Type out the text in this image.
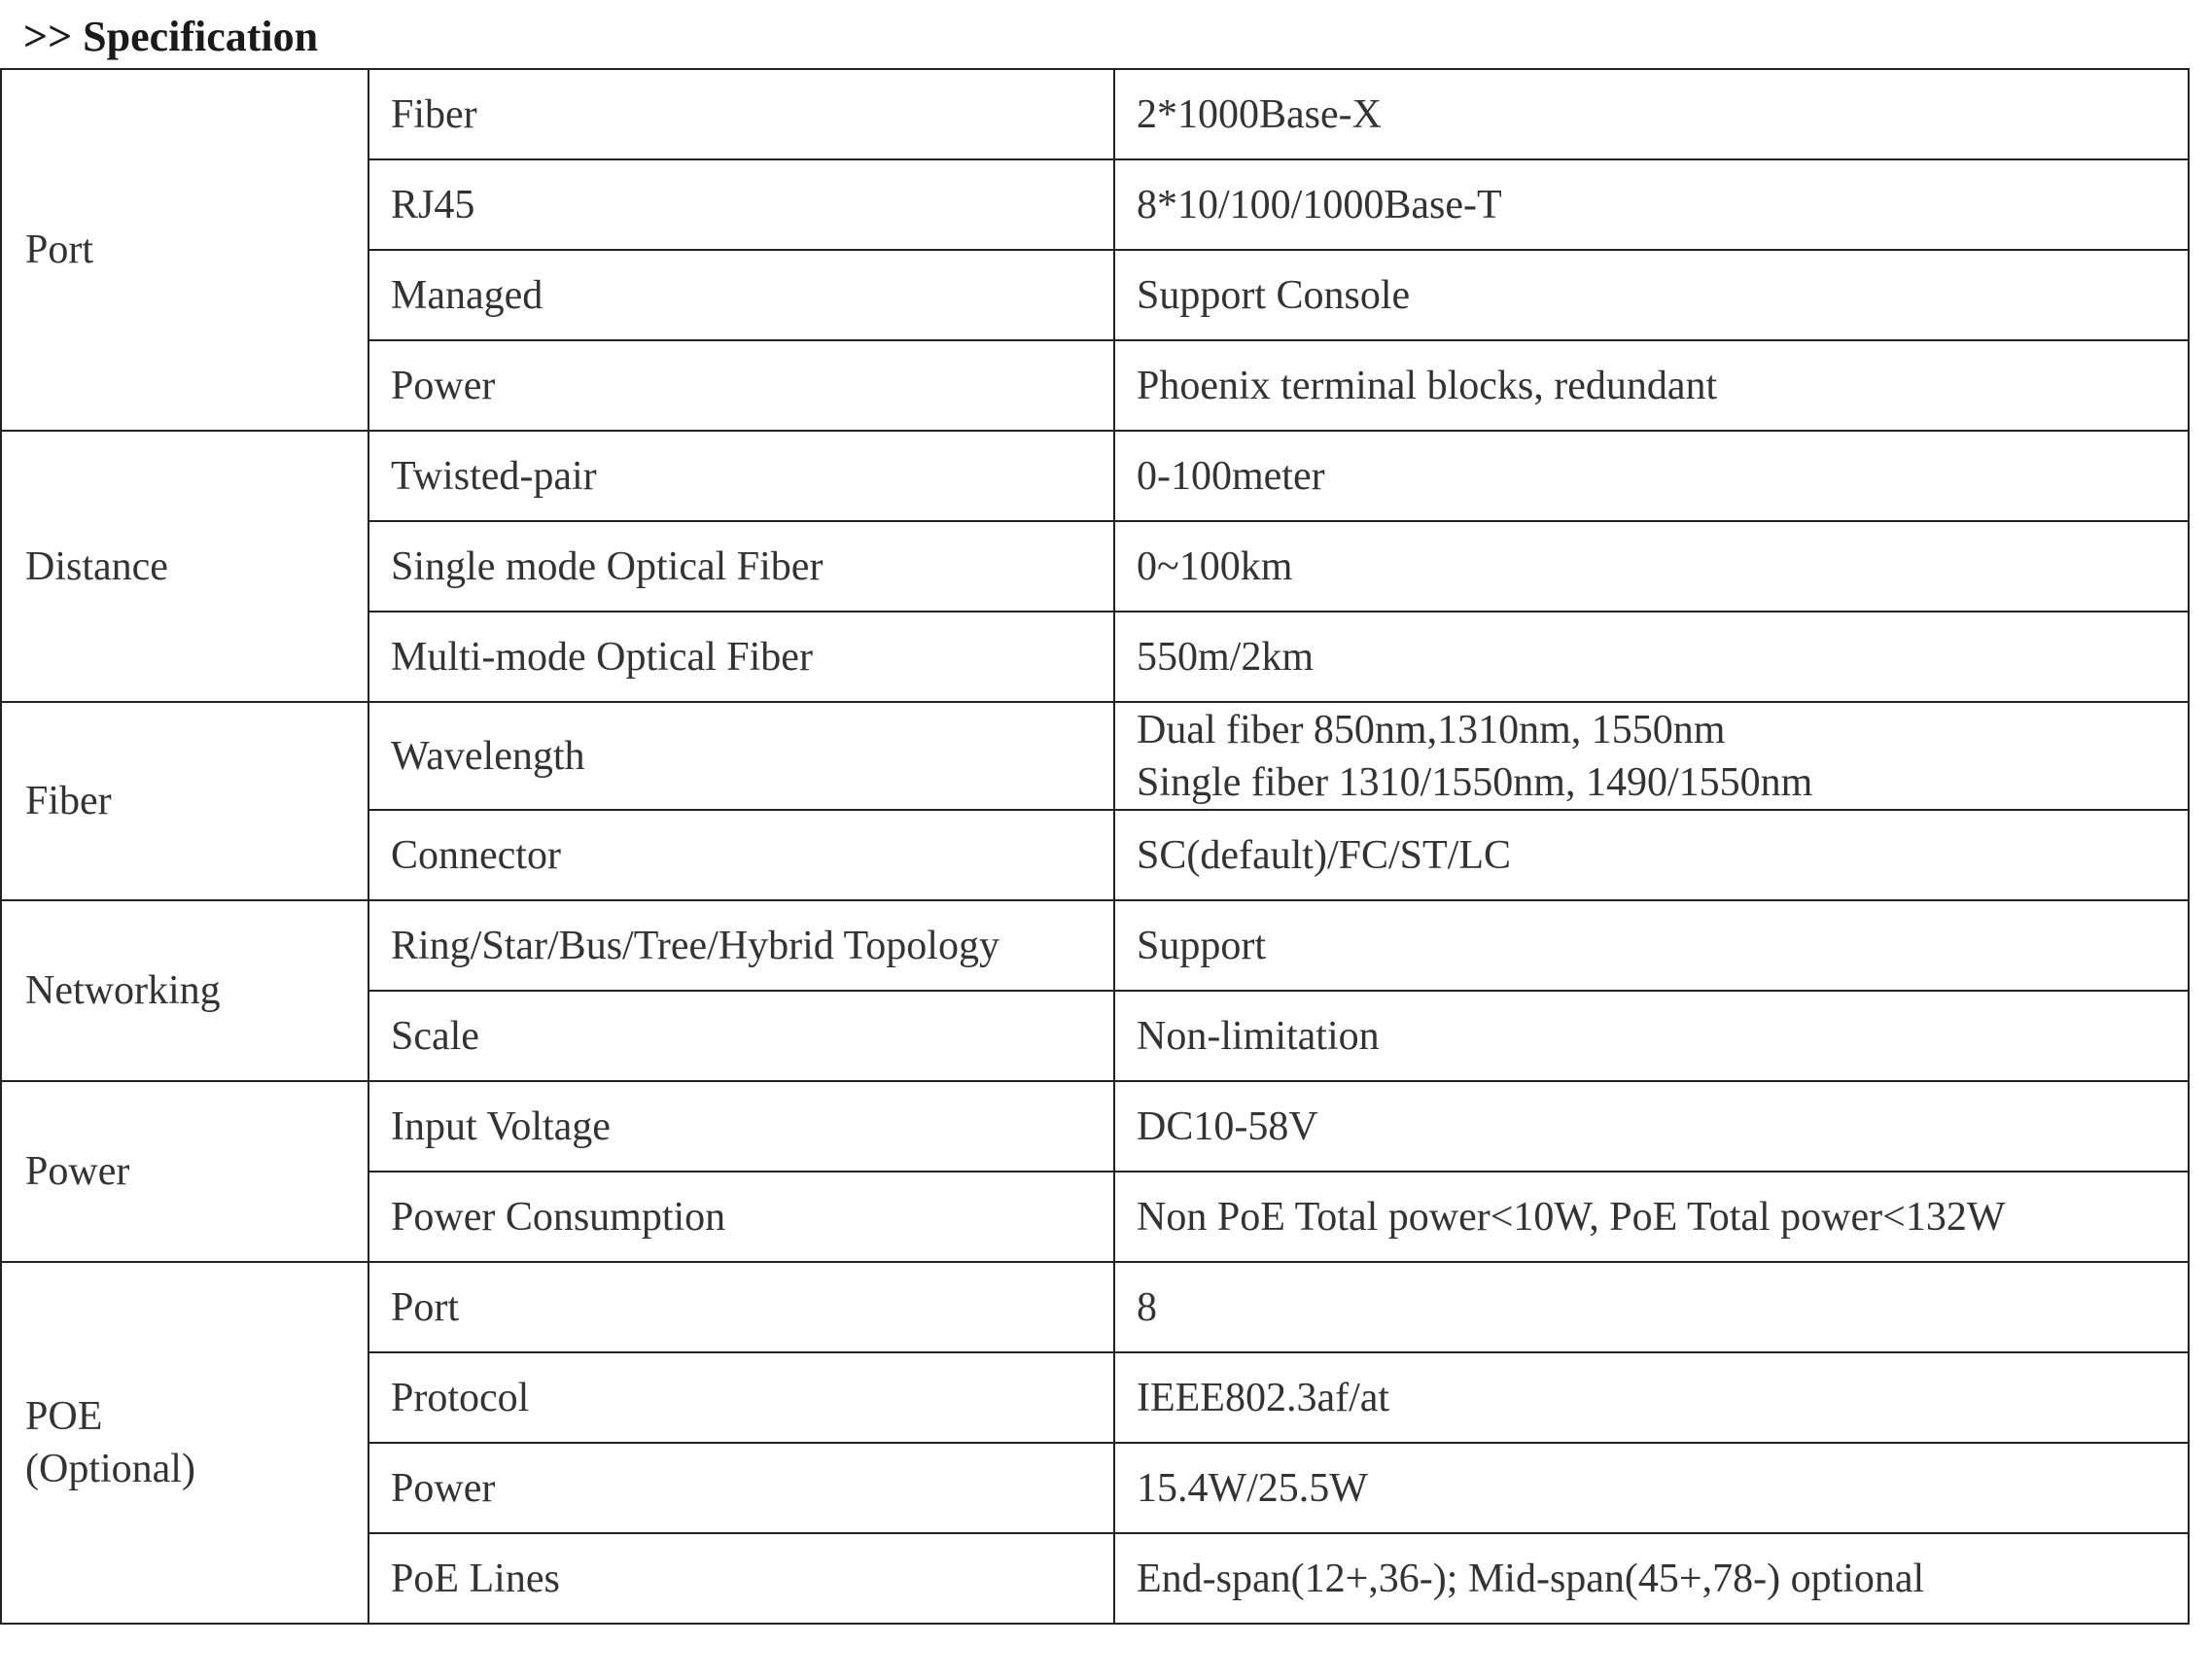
>> Specification
Port	Fiber	2*1000Base-X
	RJ45	8*10/100/1000Base-T
	Managed	Support Console
	Power	Phoenix terminal blocks, redundant
Distance	Twisted-pair	0-100meter
	Single mode Optical Fiber	0~100km
	Multi-mode Optical Fiber	550m/2km
Fiber	Wavelength	Dual fiber 850nm,1310nm, 1550nm
Single fiber 1310/1550nm, 1490/1550nm

	Connector	SC(default)/FC/ST/LC
Networking	Ring/Star/Bus/Tree/Hybrid Topology	Support
	Scale	Non-limitation
Power	Input Voltage	DC10-58V
	Power Consumption	Non PoE Total power<10W, PoE Total power<132W

POE
(Optional)	Port	8
	Protocol	IEEE802.3af/at
	Power	15.4W/25.5W
	PoE Lines	End-span(12+,36-); Mid-span(45+,78-) optional
